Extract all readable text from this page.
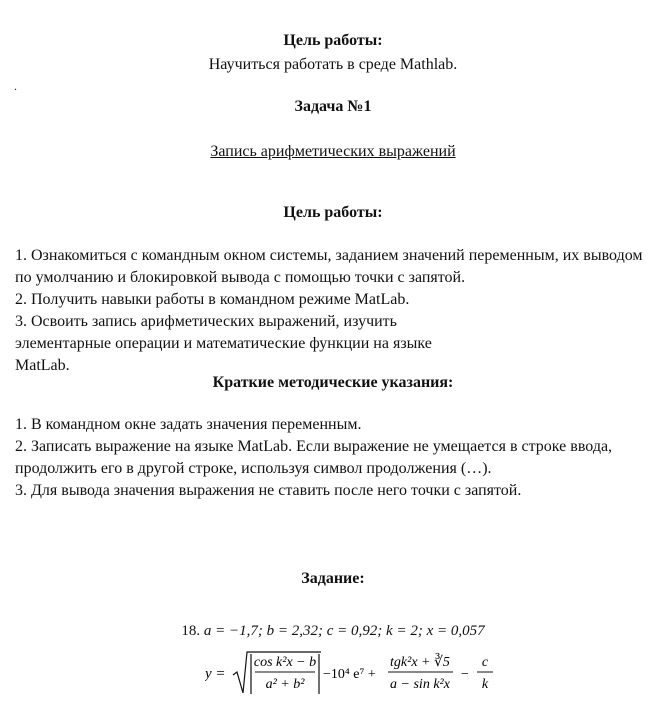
Цель работы:
Научиться работать в среде Mathlab.
.
Задача №1
Запись арифметических выражений
Цель работы:

1. Ознакомиться с командным окном системы, заданием значений переменным, их выводом по умолчанию и блокировкой вывода с помощью точки с запятой.

2. Получить навыки работы в командном режиме MatLab.

3. Освоить запись арифметических выражений, изучить элементарные операции и математические функции на языке MatLab.

Краткие методические указания:

1. В командном окне задать значения переменным.

2. Записать выражение на языке MatLab. Если выражение не умещается в строке ввода, продолжить его в другой строке, используя символ продолжения (…).

3. Для вывода значения выражения не ставить после него точки с запятой.

Задание:
18. a = −1,7; b = 2,32; c = 0,92; k = 2; x = 0,057
y =
cos k²x − b
a² + b²
−10⁴ e⁷ +
tgk²x + ∛5
a − sin k²x
−
c
k
